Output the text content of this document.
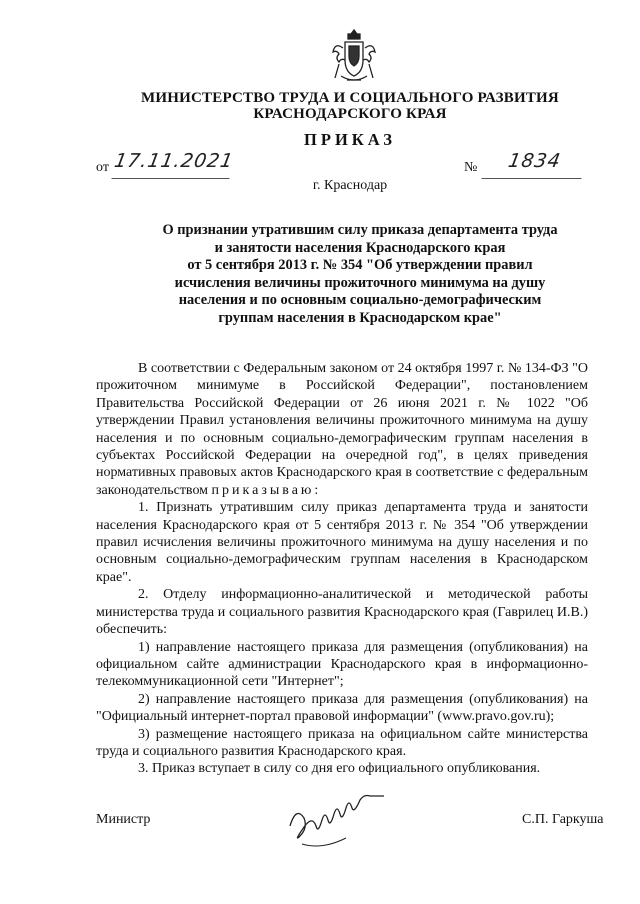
МИНИСТЕРСТВО ТРУДА И СОЦИАЛЬНОГО РАЗВИТИЯ
КРАСНОДАРСКОГО КРАЯ
ПРИКАЗ
от 17.11.2021	№	1834
г. Краснодар
О признании утратившим силу приказа департамента труда
и занятости населения Краснодарского края
от 5 сентября 2013 г. № 354 "Об утверждении правил
исчисления величины прожиточного минимума на душу
населения и по основным социально-демографическим
группам населения в Краснодарском крае"

В соответствии с Федеральным законом от 24 октября 1997 г. № 134-ФЗ "О прожиточном минимуме в Российской Федерации", постановлением Правительства Российской Федерации от 26 июня 2021 г. № 1022 "Об утверждении Правил установления величины прожиточного минимума на душу населения и по основным социально-демографическим группам населения в субъектах Российской Федерации на очередной год", в целях приведения нормативных правовых актов Краснодарского края в соответствие с федеральным законодательством приказываю:

1. Признать утратившим силу приказ департамента труда и занятости населения Краснодарского края от 5 сентября 2013 г. № 354 "Об утверждении правил исчисления величины прожиточного минимума на душу населения и по основным социально-демографическим группам населения в Краснодарском крае".

2. Отделу информационно-аналитической и методической работы министерства труда и социального развития Краснодарского края (Гаврилец И.В.) обеспечить:

1) направление настоящего приказа для размещения (опубликования) на официальном сайте администрации Краснодарского края в информационно-телекоммуникационной сети "Интернет";

2) направление настоящего приказа для размещения (опубликования) на "Официальный интернет-портал правовой информации" (www.pravo.gov.ru);

3) размещение настоящего приказа на официальном сайте министерства труда и социального развития Краснодарского края.

3. Приказ вступает в силу со дня его официального опубликования.

Министр	С.П. Гаркуша
